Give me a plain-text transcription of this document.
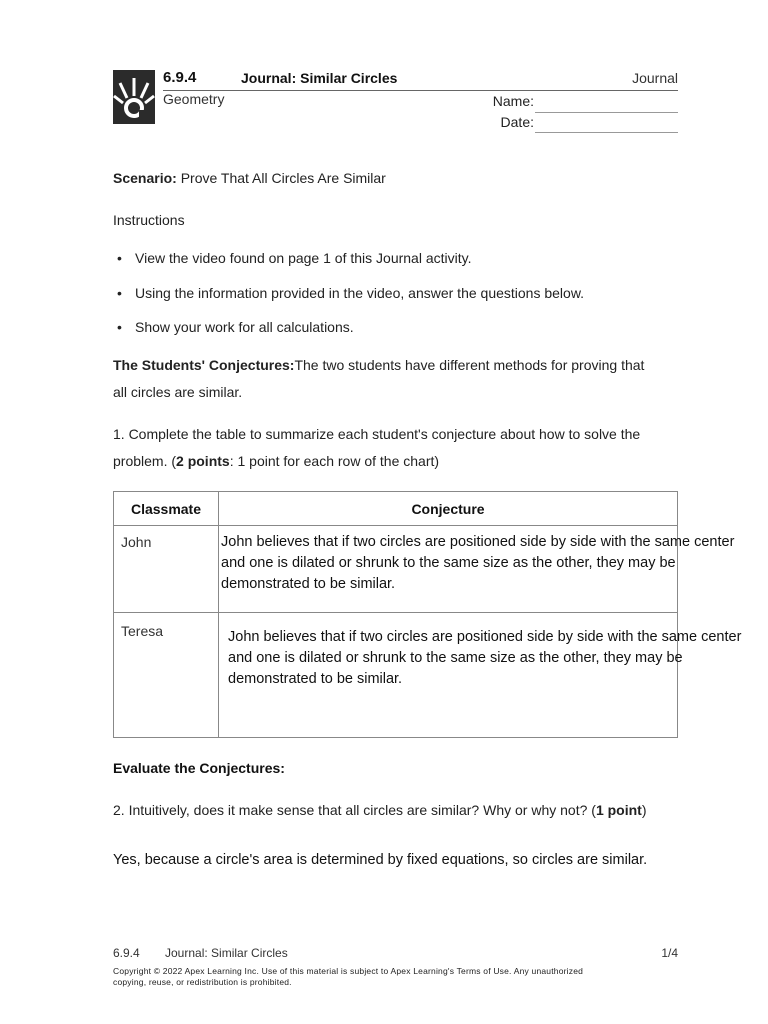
6.9.4	Journal: Similar Circles	Journal
Geometry	Name:
Date:
Scenario: Prove That All Circles Are Similar
Instructions
• View the video found on page 1 of this Journal activity.
• Using the information provided in the video, answer the questions below.
• Show your work for all calculations.
The Students' Conjectures:The two students have different methods for proving that
all circles are similar.
1. Complete the table to summarize each student's conjecture about how to solve the
problem. (2 points: 1 point for each row of the chart)
Classmate	Conjecture
John	John believes that if two circles are positioned side by side with the same center
and one is dilated or shrunk to the same size as the other, they may be
demonstrated to be similar.
Teresa	John believes that if two circles are positioned side by side with the same center
and one is dilated or shrunk to the same size as the other, they may be
demonstrated to be similar.
Evaluate the Conjectures:
2. Intuitively, does it make sense that all circles are similar? Why or why not? (1 point)
Yes, because a circle's area is determined by fixed equations, so circles are similar.
6.9.4 Journal: Similar Circles	1/4
Copyright © 2022 Apex Learning Inc. Use of this material is subject to Apex Learning's Terms of Use. Any unauthorized
copying, reuse, or redistribution is prohibited.
